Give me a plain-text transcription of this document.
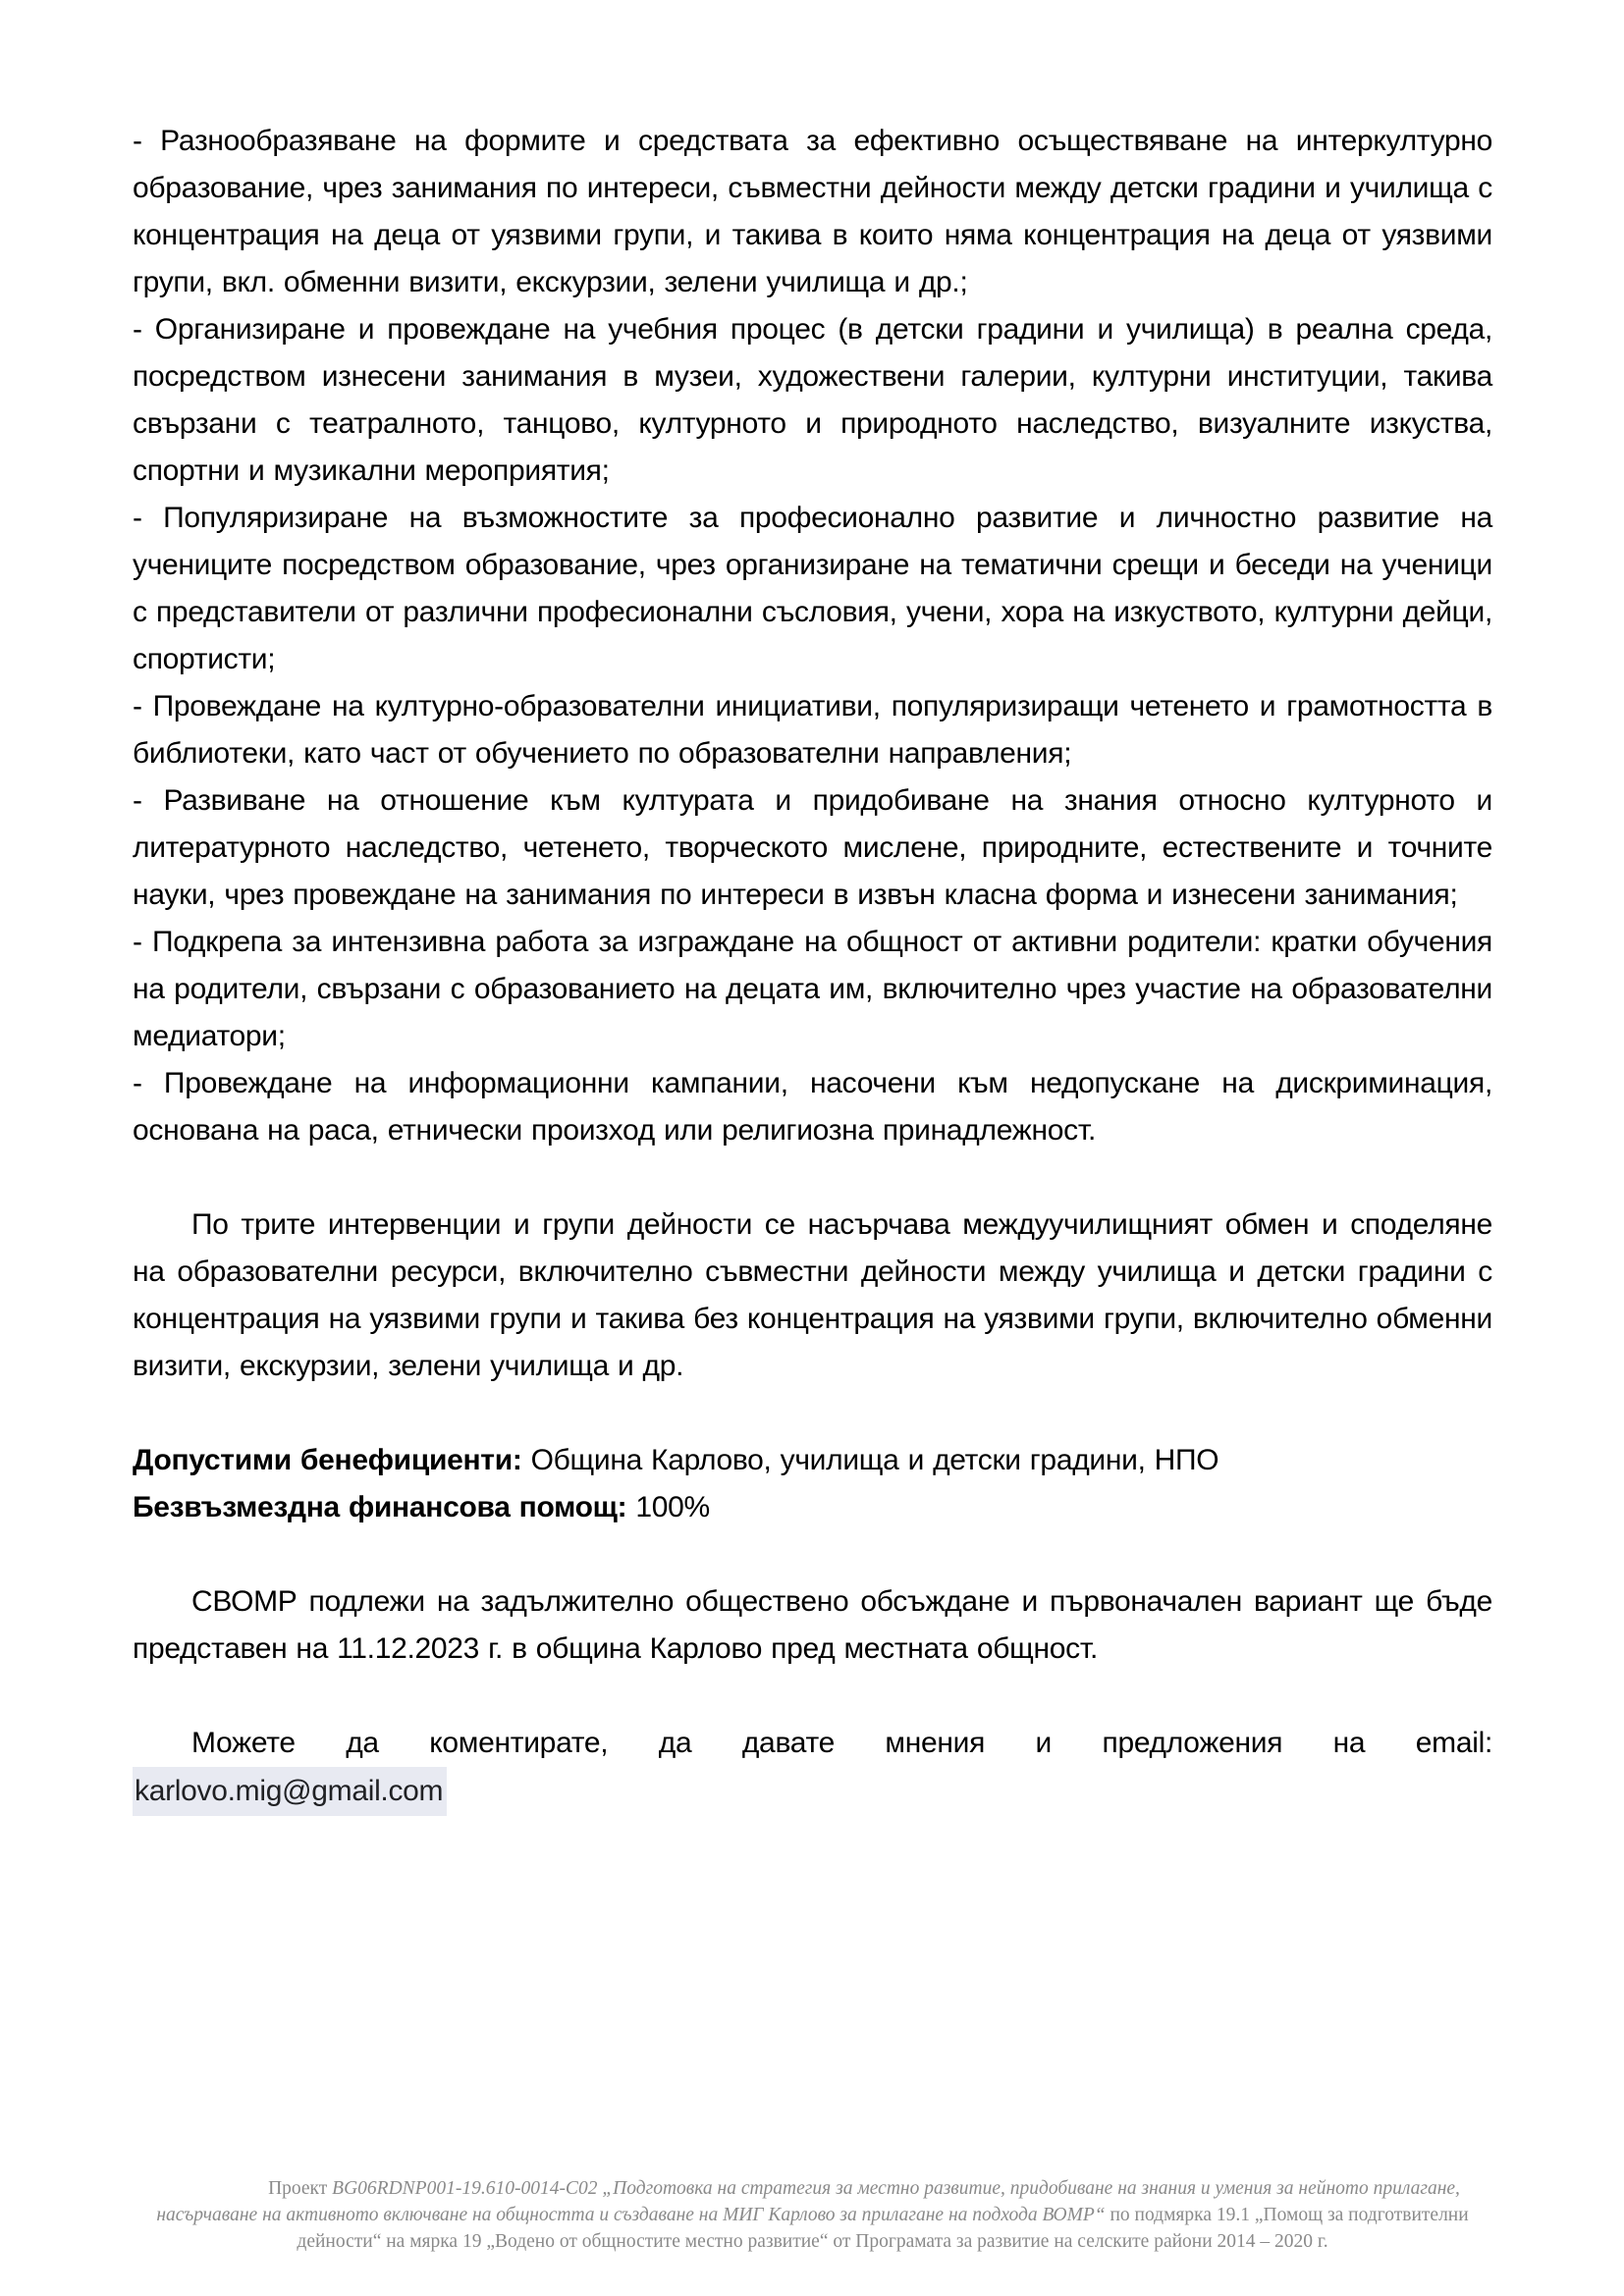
- Разнообразяване на формите и средствата за ефективно осъществяване на интеркултурно образование, чрез занимания по интереси, съвместни дейности между детски градини и училища с концентрация на деца от уязвими групи, и такива в които няма концентрация на деца от уязвими групи, вкл. обменни визити, екскурзии, зелени училища и др.;

- Организиране и провеждане на учебния процес (в детски градини и училища) в реална среда, посредством изнесени занимания в музеи, художествени галерии, културни институции, такива свързани с театралното, танцово, културното и природното наследство, визуалните изкуства, спортни и музикални мероприятия;

- Популяризиране на възможностите за професионално развитие и личностно развитие на учениците посредством образование, чрез организиране на тематични срещи и беседи на ученици с представители от различни професионални съсловия, учени, хора на изкуството, културни дейци, спортисти;

- Провеждане на културно-образователни инициативи, популяризиращи четенето и грамотността в библиотеки, като част от обучението по образователни направления;

- Развиване на отношение към културата и придобиване на знания относно културното и литературното наследство, четенето, творческото мислене, природните, естествените и точните науки, чрез провеждане на занимания по интереси в извън класна форма и изнесени занимания;

- Подкрепа за интензивна работа за изграждане на общност от активни родители: кратки обучения на родители, свързани с образованието на децата им, включително чрез участие на образователни медиатори;

- Провеждане на информационни кампании, насочени към недопускане на дискриминация, основана на раса, етнически произход или религиозна принадлежност.

По трите интервенции и групи дейности се насърчава междуучилищният обмен и споделяне на образователни ресурси, включително съвместни дейности между училища и детски градини с концентрация на уязвими групи и такива без концентрация на уязвими групи, включително обменни визити, екскурзии, зелени училища и др.

Допустими бенефициенти: Община Карлово, училища и детски градини, НПО

Безвъзмездна финансова помощ: 100%

СВОМР подлежи на задължително обществено обсъждане и първоначален вариант ще бъде представен на 11.12.2023 г. в община Карлово пред местната общност.

Можете да коментирате, да давате мнения и предложения на email:
karlovo.mig@gmail.com

Проект BG06RDNP001-19.610-0014-C02 „Подготовка на стратегия за местно развитие, придобиване на знания и умения за нейното прилагане, насърчаване на активното включване на общността и създаване на МИГ Карлово за прилагане на подхода ВОМР“ по подмярка 19.1 „Помощ за подготвителни дейности“ на мярка 19 „Водено от общностите местно развитие“ от Програмата за развитие на селските райони 2014 – 2020 г.
